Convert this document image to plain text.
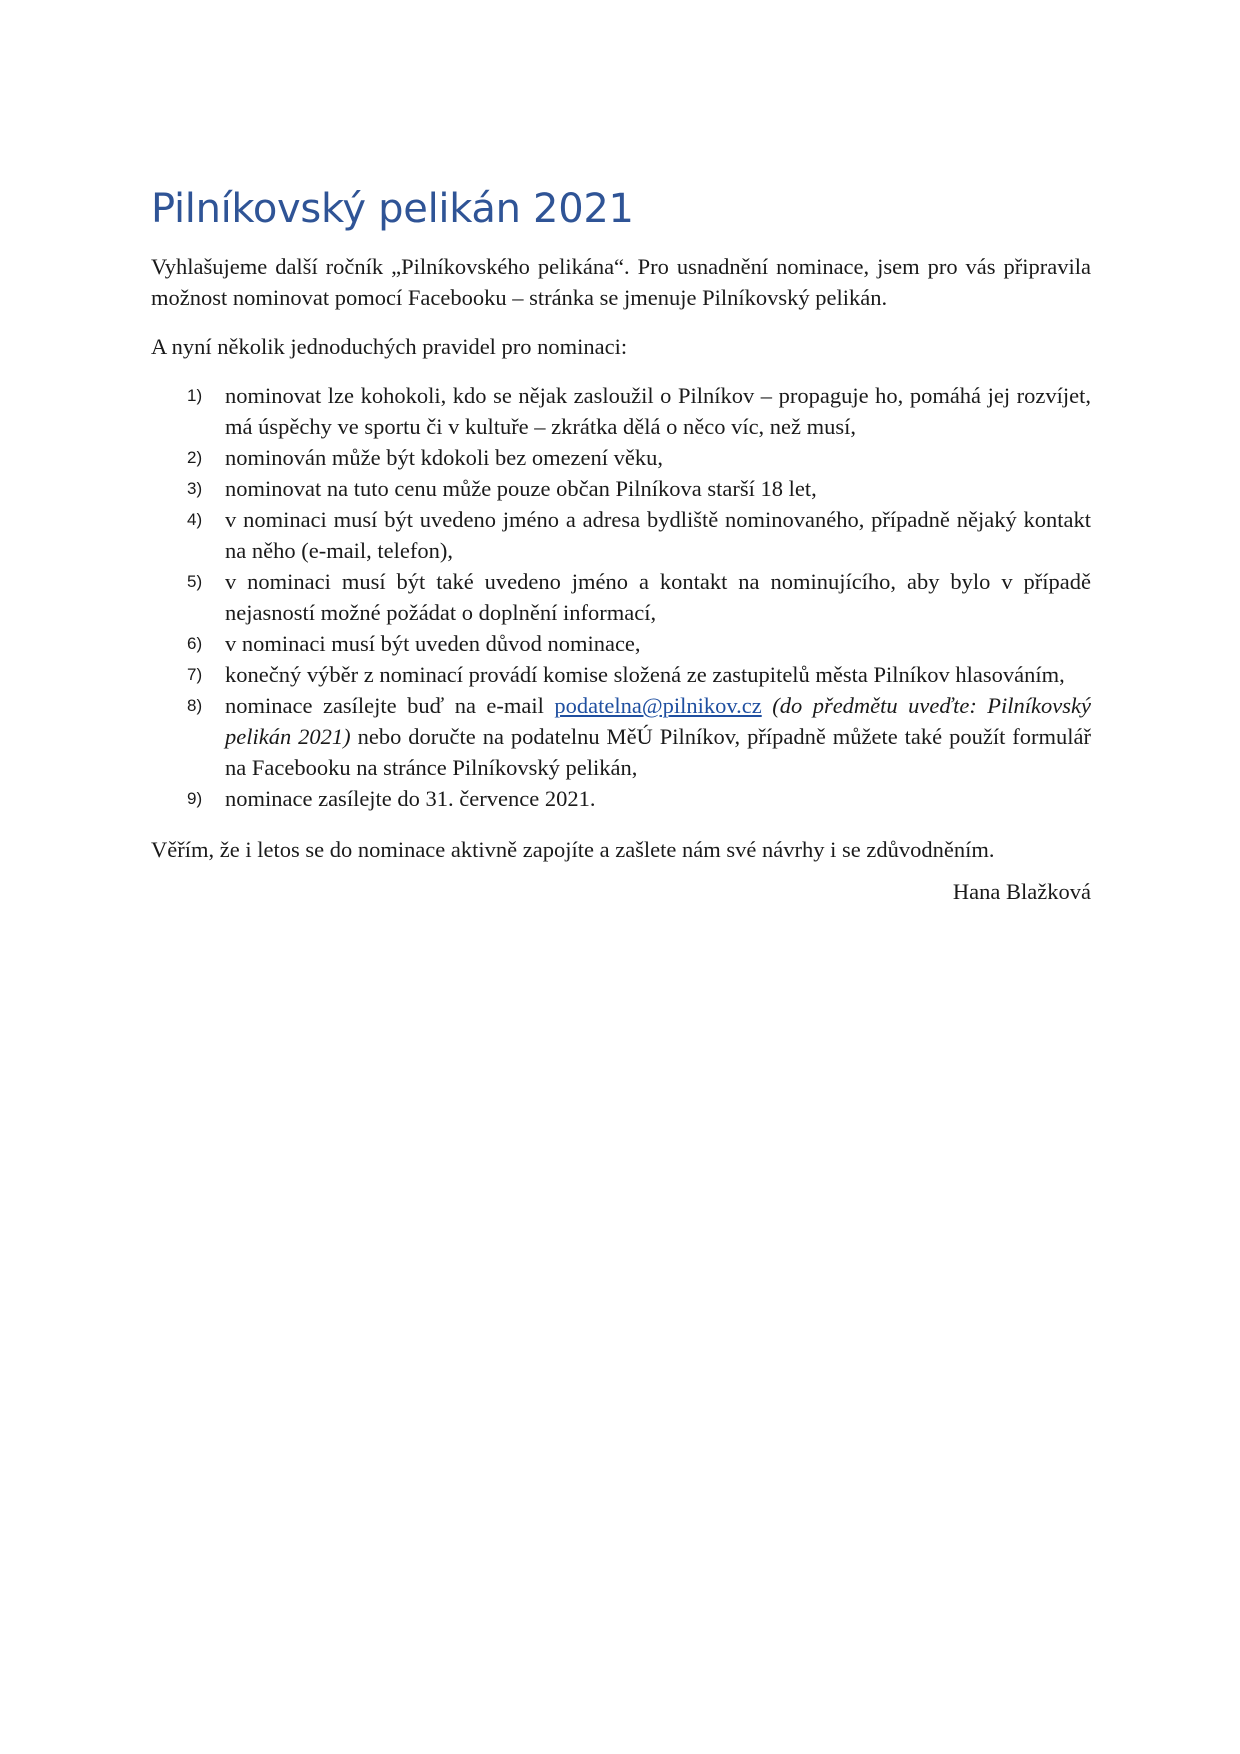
Pilníkovský pelikán 2021

Vyhlašujeme další ročník „Pilníkovského pelikána“. Pro usnadnění nominace, jsem pro vás připravila možnost nominovat pomocí Facebooku – stránka se jmenuje Pilníkovský pelikán.

A nyní několik jednoduchých pravidel pro nominaci:

1) nominovat lze kohokoli, kdo se nějak zasloužil o Pilníkov – propaguje ho, pomáhá jej rozvíjet, má úspěchy ve sportu či v kultuře – zkrátka dělá o něco víc, než musí,
2) nominován může být kdokoli bez omezení věku,
3) nominovat na tuto cenu může pouze občan Pilníkova starší 18 let,
4) v nominaci musí být uvedeno jméno a adresa bydliště nominovaného, případně nějaký kontakt na něho (e-mail, telefon),
5) v nominaci musí být také uvedeno jméno a kontakt na nominujícího, aby bylo v případě nejasností možné požádat o doplnění informací,
6) v nominaci musí být uveden důvod nominace,
7) konečný výběr z nominací provádí komise složená ze zastupitelů města Pilníkov hlasováním,
8) nominace zasílejte buď na e-mail podatelna@pilnikov.cz (do předmětu uveďte: Pilníkovský pelikán 2021) nebo doručte na podatelnu MěÚ Pilníkov, případně můžete také použít formulář na Facebooku na stránce Pilníkovský pelikán,
9) nominace zasílejte do 31. července 2021.

Věřím, že i letos se do nominace aktivně zapojíte a zašlete nám své návrhy i se zdůvodněním.

Hana Blažková
